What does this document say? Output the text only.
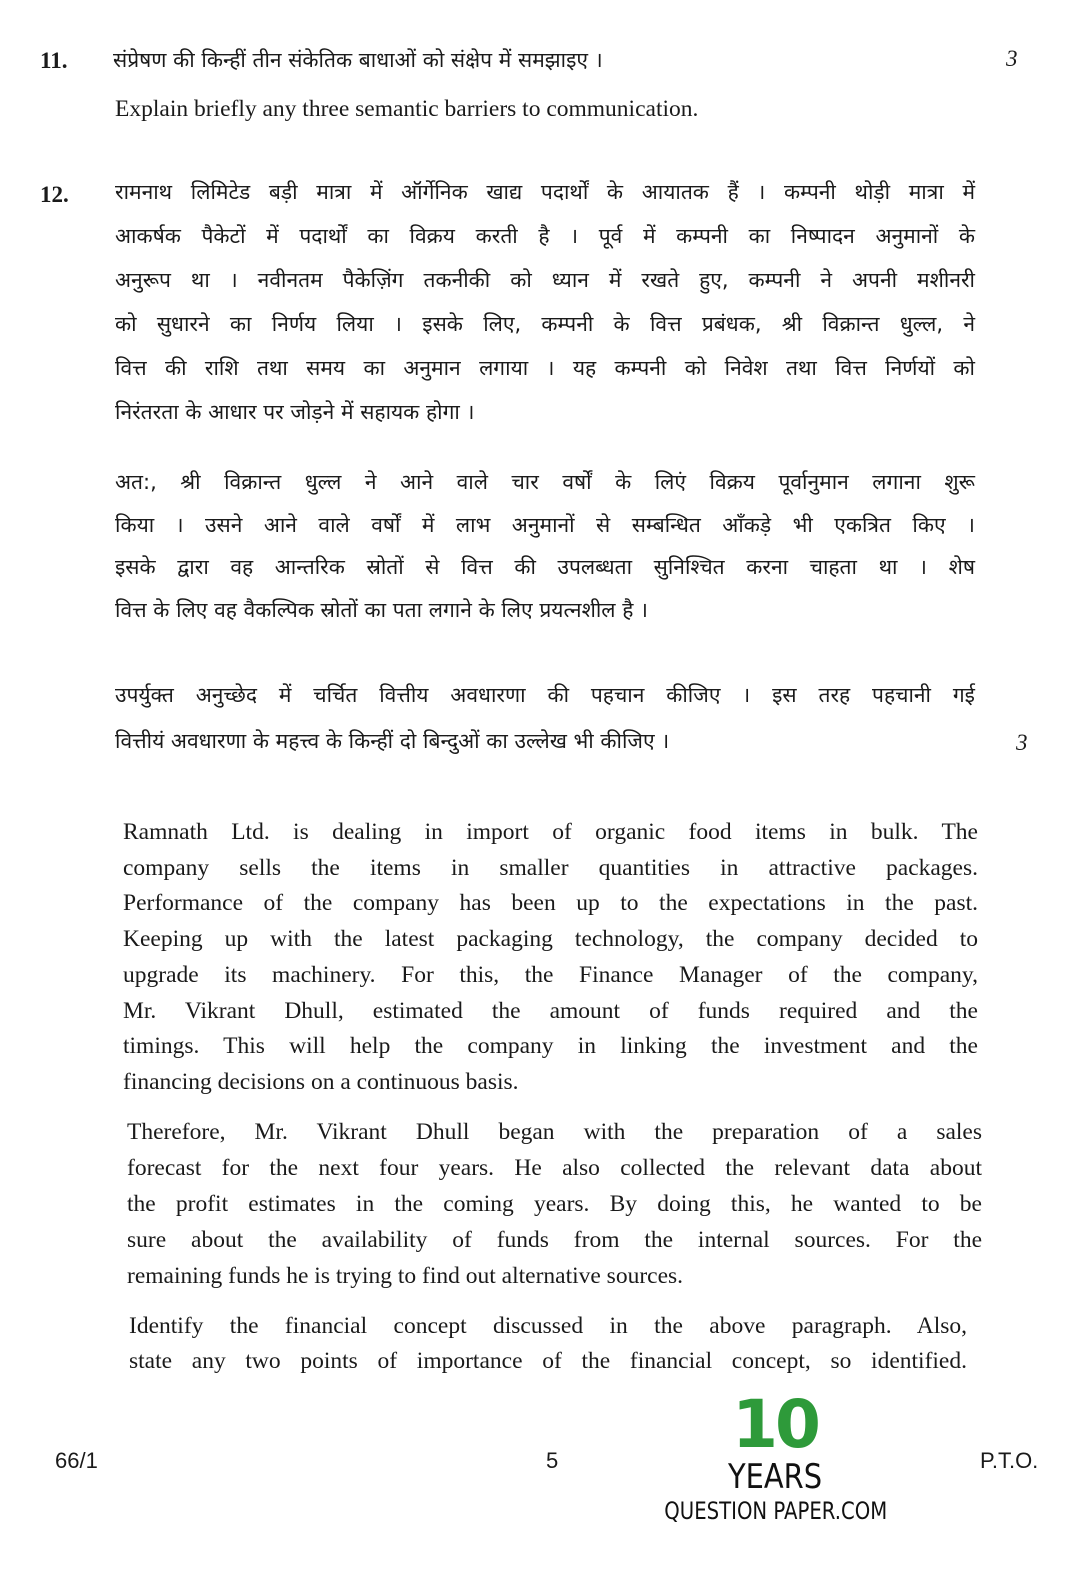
11.	3
संप्रेषण की किन्हीं तीन संकेतिक बाधाओं को संक्षेप में समझाइए ।
Explain briefly any three semantic barriers to communication.
12.
3
रामनाथ लिमिटेड बड़ी मात्रा में ऑर्गेनिक खाद्य पदार्थों के आयातक हैं । कम्पनी थोड़ी मात्रा में
आकर्षक पैकेटों में पदार्थों का विक्रय करती है । पूर्व में कम्पनी का निष्पादन अनुमानों के
अनुरूप था । नवीनतम पैकेज़िंग तकनीकी को ध्यान में रखते हुए, कम्पनी ने अपनी मशीनरी
को सुधारने का निर्णय लिया । इसके लिए, कम्पनी के वित्त प्रबंधक, श्री विक्रान्त धुल्ल, ने
वित्त की राशि तथा समय का अनुमान लगाया । यह कम्पनी को निवेश तथा वित्त निर्णयों को
निरंतरता के आधार पर जोड़ने में सहायक होगा ।
अत:, श्री विक्रान्त धुल्ल ने आने वाले चार वर्षों के लिएं विक्रय पूर्वानुमान लगाना शुरू
किया । उसने आने वाले वर्षों में लाभ अनुमानों से सम्बन्धित आँकड़े भी एकत्रित किए ।
इसके द्वारा वह आन्तरिक स्रोतों से वित्त की उपलब्धता सुनिश्चित करना चाहता था । शेष
वित्त के लिए वह वैकल्पिक स्रोतों का पता लगाने के लिए प्रयत्नशील है ।
उपर्युक्त अनुच्छेद में चर्चित वित्तीय अवधारणा की पहचान कीजिए । इस तरह पहचानी गई
वित्तीयं अवधारणा के महत्त्व के किन्हीं दो बिन्दुओं का उल्लेख भी कीजिए ।
Ramnath Ltd. is dealing in import of organic food items in bulk. The
company sells the items in smaller quantities in attractive packages.
Performance of the company has been up to the expectations in the past.
Keeping up with the latest packaging technology, the company decided to
upgrade its machinery. For this, the Finance Manager of the company,
Mr. Vikrant Dhull, estimated the amount of funds required and the
timings. This will help the company in linking the investment and the
financing decisions on a continuous basis.
Therefore, Mr. Vikrant Dhull began with the preparation of a sales
forecast for the next four years. He also collected the relevant data about
the profit estimates in the coming years. By doing this, he wanted to be
sure about the availability of funds from the internal sources. For the
remaining funds he is trying to find out alternative sources.
Identify the financial concept discussed in the above paragraph. Also,
state any two points of importance of the financial concept, so identified.
66/1	5	P.T.O.
10
YEARS
QUESTION PAPER.COM
